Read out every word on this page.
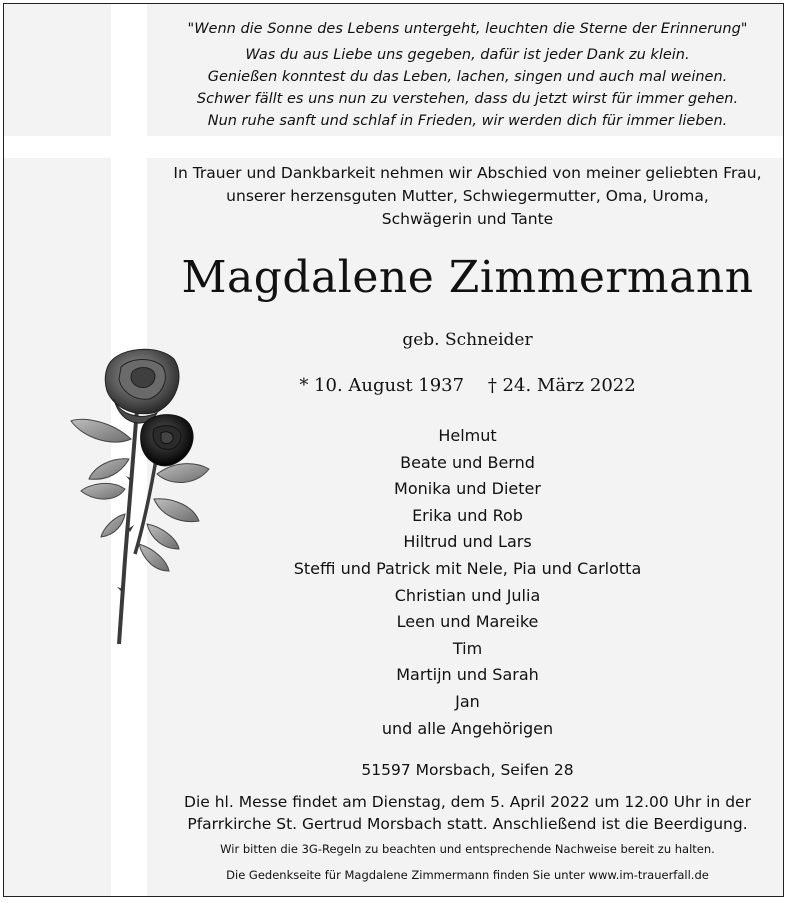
"Wenn die Sonne des Lebens untergeht, leuchten die Sterne der Erinnerung"
Was du aus Liebe uns gegeben, dafür ist jeder Dank zu klein.
Genießen konntest du das Leben, lachen, singen und auch mal weinen.
Schwer fällt es uns nun zu verstehen, dass du jetzt wirst für immer gehen.
Nun ruhe sanft und schlaf in Frieden, wir werden dich für immer lieben.
In Trauer und Dankbarkeit nehmen wir Abschied von meiner geliebten Frau,
unserer herzensguten Mutter, Schwiegermutter, Oma, Uroma,
Schwägerin und Tante
Magdalene Zimmermann
geb. Schneider
* 10. August 1937 † 24. März 2022
Helmut
Beate und Bernd
Monika und Dieter
Erika und Rob
Hiltrud und Lars
Steffi und Patrick mit Nele, Pia und Carlotta
Christian und Julia
Leen und Mareike
Tim
Martijn und Sarah
Jan
und alle Angehörigen
51597 Morsbach, Seifen 28
Die hl. Messe findet am Dienstag, dem 5. April 2022 um 12.00 Uhr in der
Pfarrkirche St. Gertrud Morsbach statt. Anschließend ist die Beerdigung.
Wir bitten die 3G-Regeln zu beachten und entsprechende Nachweise bereit zu halten.
Die Gedenkseite für Magdalene Zimmermann finden Sie unter www.im-trauerfall.de
